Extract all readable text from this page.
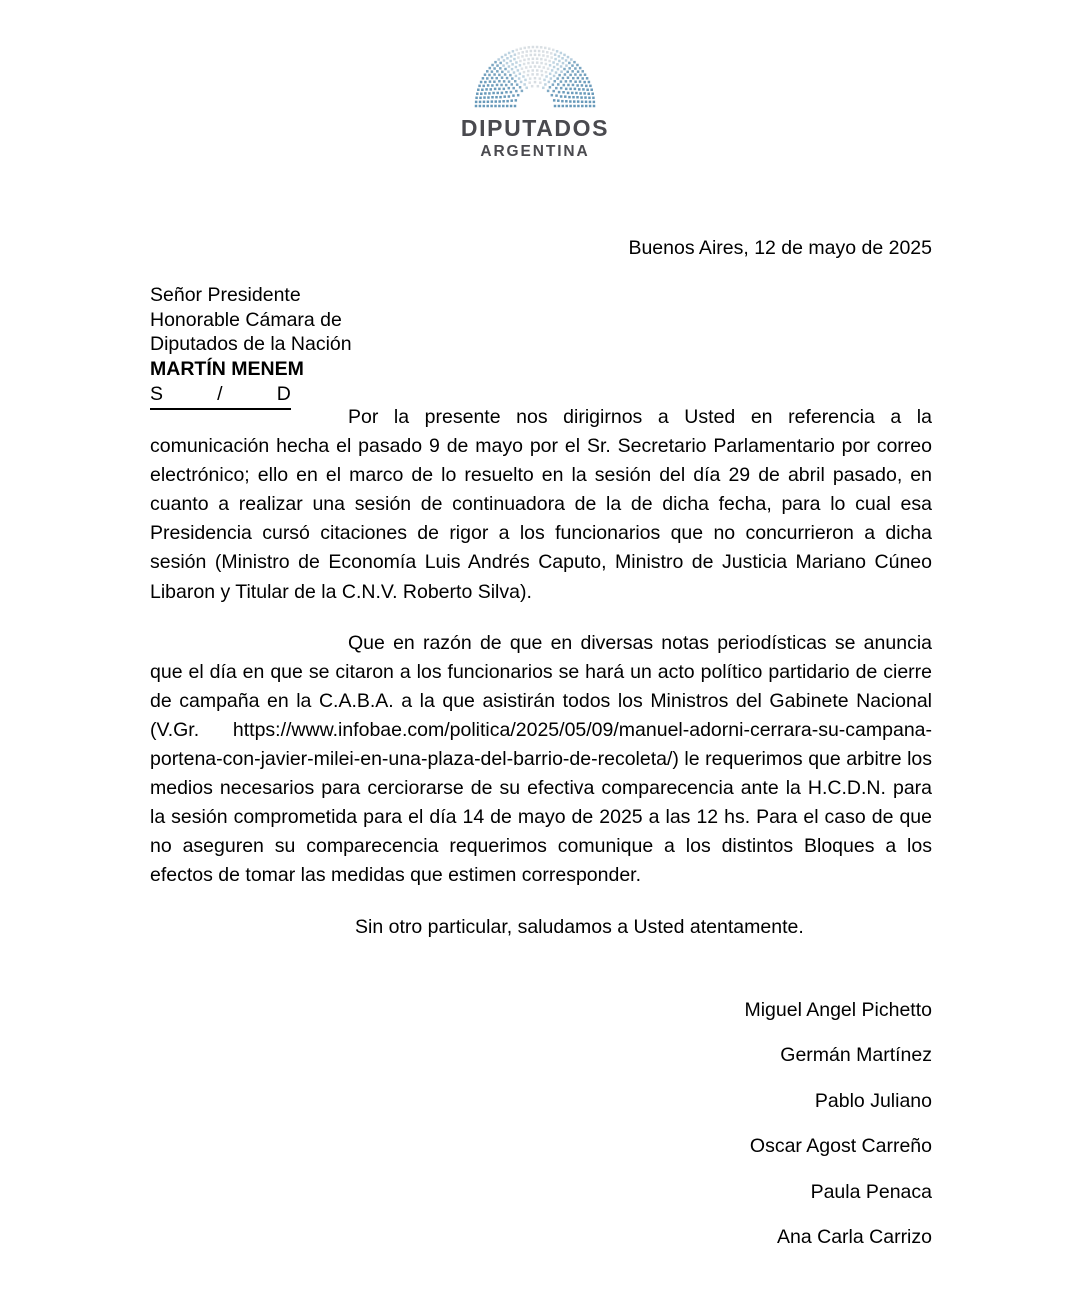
DIPUTADOS
ARGENTINA
Buenos Aires, 12 de mayo de 2025
Señor Presidente
Honorable Cámara de
Diputados de la Nación
MARTÍN MENEM
S          /          D

Por la presente nos dirigirnos a Usted en referencia a la comunicación hecha el pasado 9 de mayo por el Sr. Secretario Parlamentario por correo electrónico; ello en el marco de lo resuelto en la sesión del día 29 de abril pasado, en cuanto a realizar una sesión de continuadora de la de dicha fecha, para lo cual esa Presidencia cursó citaciones de rigor a los funcionarios que no concurrieron a dicha sesión (Ministro de Economía Luis Andrés Caputo, Ministro de Justicia Mariano Cúneo Libaron y Titular de la C.N.V. Roberto Silva).

Que en razón de que en diversas notas periodísticas se anuncia que el día en que se citaron a los funcionarios se hará un acto político partidario de cierre de campaña en la C.A.B.A. a la que asistirán todos los Ministros del Gabinete Nacional (V.Gr. https://www.infobae.com/politica/2025/05/09/manuel-adorni-cerrara-su-campana-portena-con-javier-milei-en-una-plaza-del-barrio-de-recoleta/) le requerimos que arbitre los medios necesarios para cerciorarse de su efectiva comparecencia ante la H.C.D.N. para la sesión comprometida para el día 14 de mayo de 2025 a las 12 hs. Para el caso de que no aseguren su comparecencia requerimos comunique a los distintos Bloques a los efectos de tomar las medidas que estimen corresponder.

Sin otro particular, saludamos a Usted atentamente.

Miguel Angel Pichetto
Germán Martínez
Pablo Juliano
Oscar Agost Carreño
Paula Penaca
Ana Carla Carrizo
